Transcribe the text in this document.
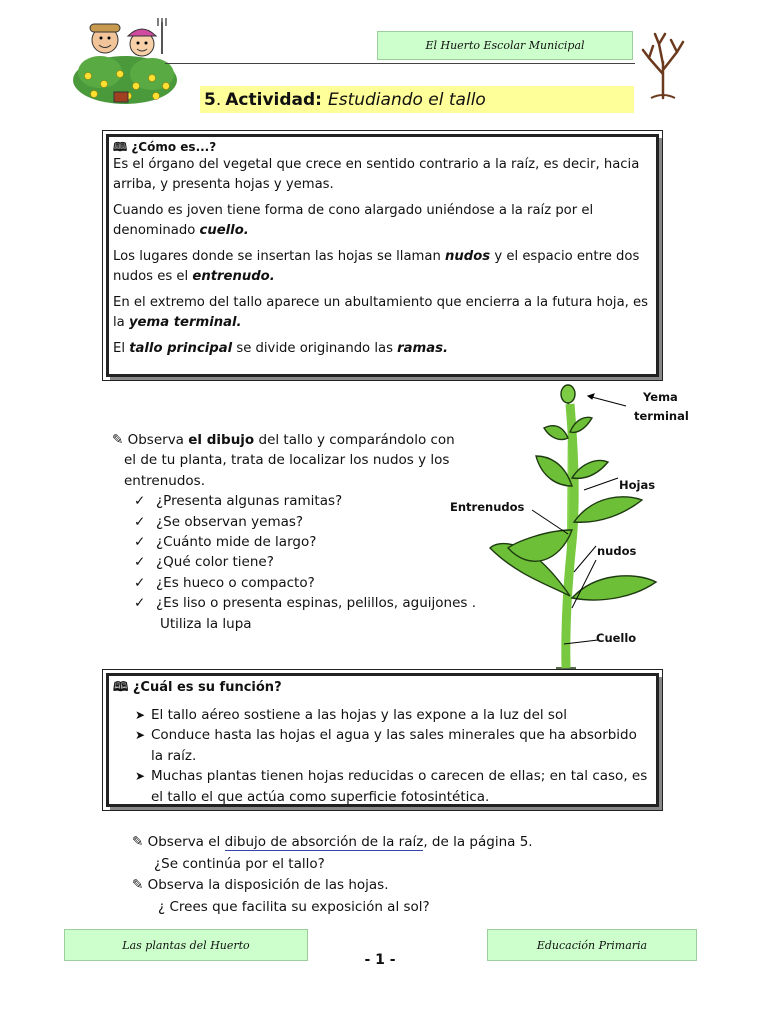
El Huerto Escolar Municipal
5 . Actividad: Estudiando el tallo

🕮 ¿Cómo es...?

Es el órgano del vegetal que crece en sentido contrario a la raíz, es decir, hacia arriba, y presenta hojas y yemas.

Cuando es joven tiene forma de cono alargado uniéndose a la raíz por el denominado cuello.

Los lugares donde se insertan las hojas se llaman nudos y el espacio entre dos nudos es el entrenudo.

En el extremo del tallo aparece un abultamiento que encierra a la futura hoja, es la yema terminal.

El tallo principal se divide originando las ramas.

✎ Observa el dibujo del tallo y comparándolo con
el de tu planta, trata de localizar los nudos y los
entrenudos.
✓ ¿Presenta algunas ramitas?
✓ ¿Se observan yemas?
✓ ¿Cuánto mide de largo?
✓ ¿Qué color tiene?
✓ ¿Es hueco o compacto?
✓ ¿Es liso o presenta espinas, pelillos, aguijones .
Utiliza la lupa
Yema
terminal
Hojas
Entrenudos
nudos
Cuello

🕮 ¿Cuál es su función?

➤ El tallo aéreo sostiene a las hojas y las expone a la luz del sol
➤ Conduce hasta las hojas el agua y las sales minerales que ha absorbido la raíz.
➤ Muchas plantas tienen hojas reducidas o carecen de ellas; en tal caso, es el tallo el que actúa como superficie fotosintética.
✎ Observa el dibujo de absorción de la raíz, de la página 5.
¿Se continúa por el tallo?
✎ Observa la disposición de las hojas.
¿ Crees que facilita su exposición al sol?
Las plantas del Huerto	Educación Primaria
- 1 -
